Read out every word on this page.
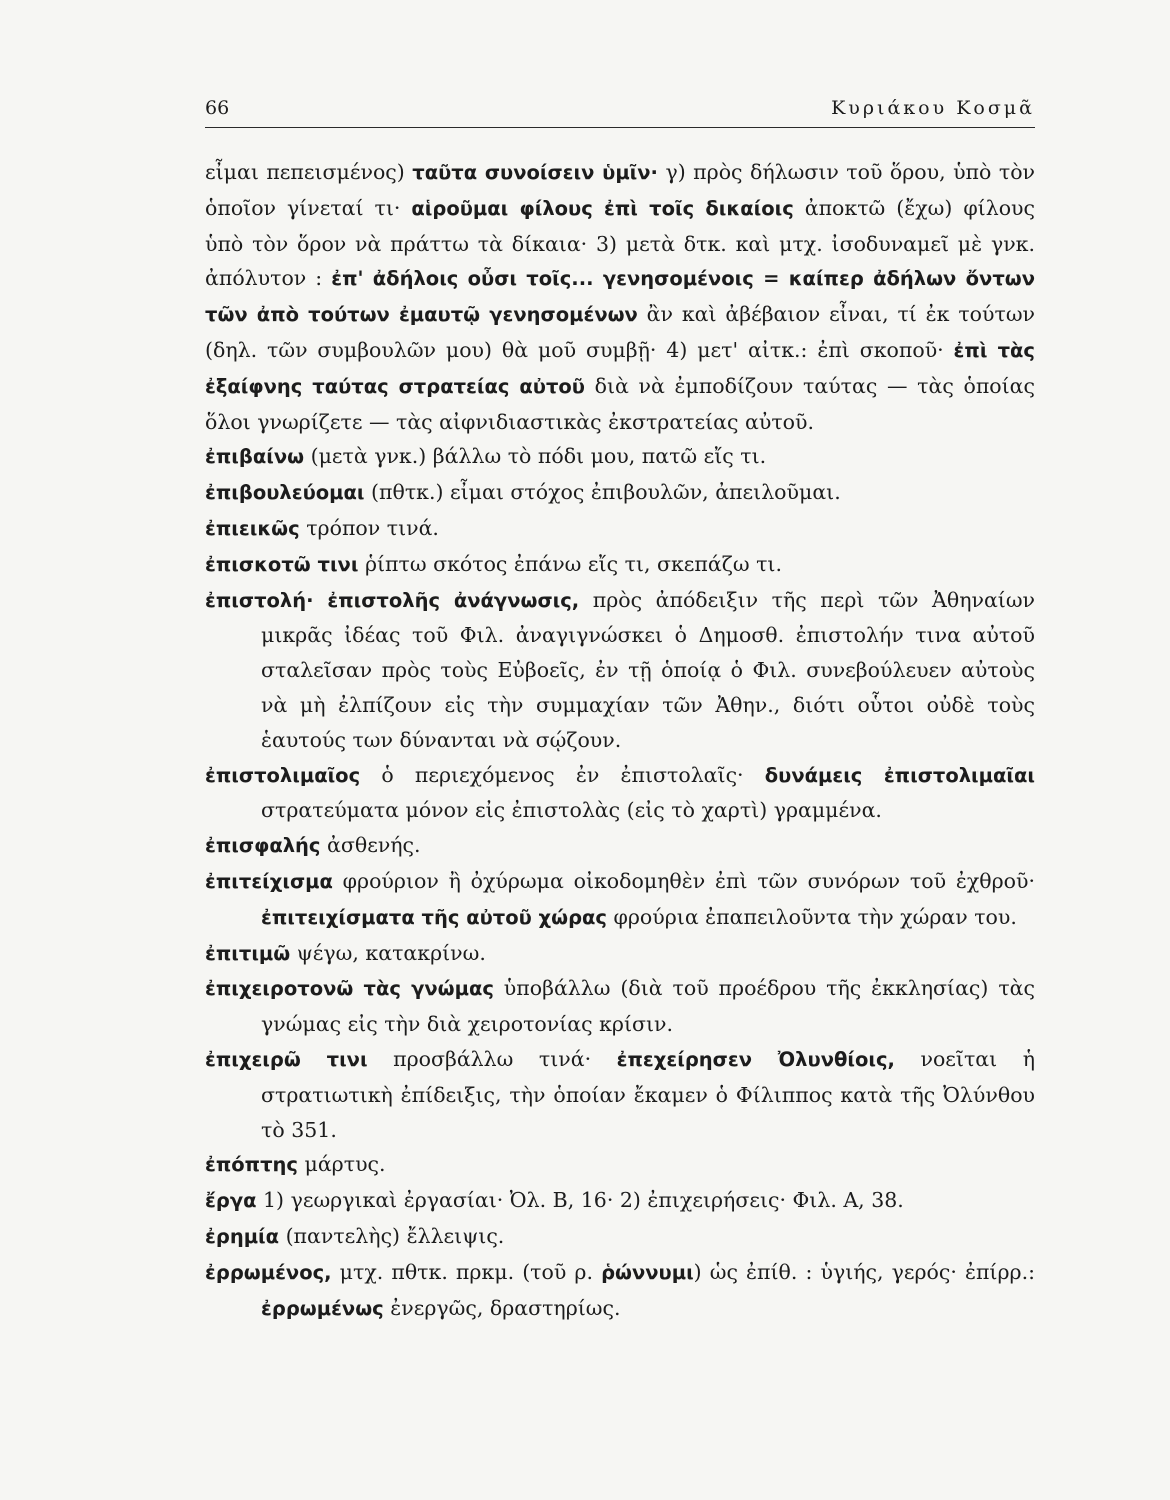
66	Κυριάκου Κοσμᾶ

εἶμαι πεπεισμένος) ταῦτα συνοίσειν ὑμῖν· γ) πρὸς δήλωσιν τοῦ ὅρου, ὑπὸ τὸν ὁποῖον γίνεταί τι· αἱροῦμαι φίλους ἐπὶ τοῖς δικαίοις ἀποκτῶ (ἔχω) φίλους ὑπὸ τὸν ὅρον νὰ πράττω τὰ δίκαια· 3) μετὰ δτκ. καὶ μτχ. ἰσοδυναμεῖ μὲ γνκ. ἀπόλυτον : ἐπ' ἀδήλοις οὖσι τοῖς... γενησομένοις = καίπερ ἀδήλων ὄντων τῶν ἀπὸ τούτων ἐμαυτῷ γενησομένων ἂν καὶ ἀβέβαιον εἶναι, τί ἐκ τούτων (δηλ. τῶν συμβουλῶν μου) θὰ μοῦ συμβῇ· 4) μετ' αἰτκ.: ἐπὶ σκοποῦ· ἐπὶ τὰς ἐξαίφνης ταύτας στρατείας αὐτοῦ διὰ νὰ ἐμποδίζουν ταύτας — τὰς ὁποίας ὅλοι γνωρίζετε — τὰς αἰφνιδιαστικὰς ἐκστρατείας αὐτοῦ.

ἐπιβαίνω (μετὰ γνκ.) βάλλω τὸ πόδι μου, πατῶ εἴς τι.

ἐπιβουλεύομαι (πθτκ.) εἶμαι στόχος ἐπιβουλῶν, ἀπειλοῦμαι.

ἐπιεικῶς τρόπον τινά.

ἐπισκοτῶ τινι ῥίπτω σκότος ἐπάνω εἴς τι, σκεπάζω τι.

ἐπιστολή· ἐπιστολῆς ἀνάγνωσις, πρὸς ἀπόδειξιν τῆς περὶ τῶν Ἀθηναίων μικρᾶς ἰδέας τοῦ Φιλ. ἀναγιγνώσκει ὁ Δημοσθ. ἐπιστολήν τινα αὐτοῦ σταλεῖσαν πρὸς τοὺς Εὐβοεῖς, ἐν τῇ ὁποίᾳ ὁ Φιλ. συνεβούλευεν αὐτοὺς νὰ μὴ ἐλπίζουν εἰς τὴν συμμαχίαν τῶν Ἀθην., διότι οὗτοι οὐδὲ τοὺς ἑαυτούς των δύνανται νὰ σῴζουν.

ἐπιστολιμαῖος ὁ περιεχόμενος ἐν ἐπιστολαῖς· δυνάμεις ἐπιστολιμαῖαι στρατεύματα μόνον εἰς ἐπιστολὰς (εἰς τὸ χαρτὶ) γραμμένα.

ἐπισφαλής ἀσθενής.

ἐπιτείχισμα φρούριον ἢ ὀχύρωμα οἰκοδομηθὲν ἐπὶ τῶν συνόρων τοῦ ἐχθροῦ· ἐπιτειχίσματα τῆς αὐτοῦ χώρας φρούρια ἐπαπειλοῦντα τὴν χώραν του.

ἐπιτιμῶ ψέγω, κατακρίνω.

ἐπιχειροτονῶ τὰς γνώμας ὑποβάλλω (διὰ τοῦ προέδρου τῆς ἐκκλησίας) τὰς γνώμας εἰς τὴν διὰ χειροτονίας κρίσιν.

ἐπιχειρῶ τινι προσβάλλω τινά· ἐπεχείρησεν Ὀλυνθίοις, νοεῖται ἡ στρατιωτικὴ ἐπίδειξις, τὴν ὁποίαν ἔκαμεν ὁ Φίλιππος κατὰ τῆς Ὀλύνθου τὸ 351.

ἐπόπτης μάρτυς.

ἔργα 1) γεωργικαὶ ἐργασίαι· Ὀλ. Β, 16· 2) ἐπιχειρήσεις· Φιλ. Α, 38.

ἐρημία (παντελὴς) ἔλλειψις.

ἐρρωμένος, μτχ. πθτκ. πρκμ. (τοῦ ρ. ῥώννυμι) ὡς ἐπίθ. : ὑγιής, γερός· ἐπίρρ.: ἐρρωμένως ἐνεργῶς, δραστηρίως.
